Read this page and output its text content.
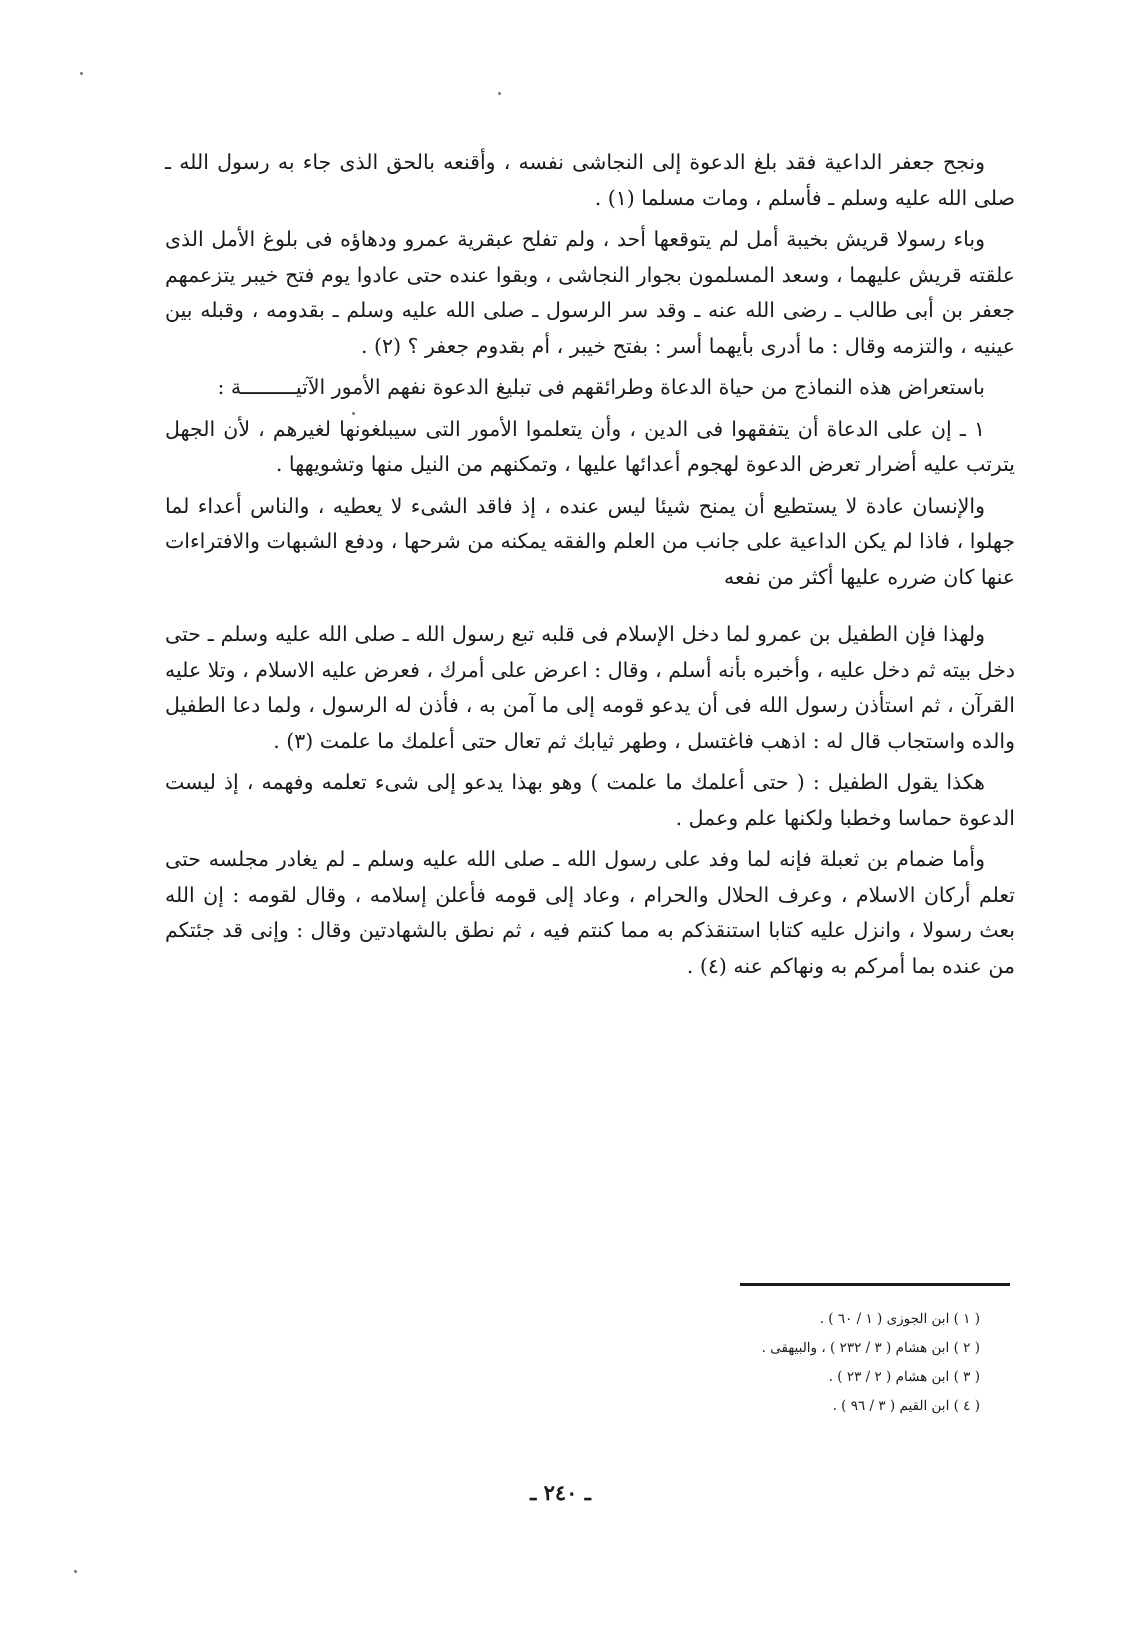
ونجح جعفر الداعية فقد بلغ الدعوة إلى النجاشى نفسه ، وأقنعه بالحق الذى جاء به رسول الله ـ صلى الله عليه وسلم ـ فأسلم ، ومات مسلما (١) .

وباء رسولا قريش بخيبة أمل لم يتوقعها أحد ، ولم تفلح عبقرية عمرو ودهاؤه فى بلوغ الأمل الذى علقته قريش عليهما ، وسعد المسلمون بجوار النجاشى ، وبقوا عنده حتى عادوا يوم فتح خيبر يتزعمهم جعفر بن أبى طالب ـ رضى الله عنه ـ وقد سر الرسول ـ صلى الله عليه وسلم ـ بقدومه ، وقبله بين عينيه ، والتزمه وقال : ما أدرى بأيهما أسر : بفتح خيبر ، أم بقدوم جعفر ؟ (٢) .

باستعراض هذه النماذج من حياة الدعاة وطرائقهم فى تبليغ الدعوة نفهم الأمور الآتيـــــــــة :

١ ـ إن على الدعاة أن يتفقهوا فى الدين ، وأن يتعلموا الأمور التى سيبلغونها لغيرهم ، لأن الجهل يترتب عليه أضرار تعرض الدعوة لهجوم أعدائها عليها ، وتمكنهم من النيل منها وتشويهها .

والإنسان عادة لا يستطيع أن يمنح شيئا ليس عنده ، إذ فاقد الشىء لا يعطيه ، والناس أعداء لما جهلوا ، فاذا لم يكن الداعية على جانب من العلم والفقه يمكنه من شرحها ، ودفع الشبهات والافتراءات عنها كان ضرره عليها أكثر من نفعه

ولهذا فإن الطفيل بن عمرو لما دخل الإسلام فى قلبه تبع رسول الله ـ صلى الله عليه وسلم ـ حتى دخل بيته ثم دخل عليه ، وأخبره بأنه أسلم ، وقال : اعرض على أمرك ، فعرض عليه الاسلام ، وتلا عليه القرآن ، ثم استأذن رسول الله فى أن يدعو قومه إلى ما آمن به ، فأذن له الرسول ، ولما دعا الطفيل والده واستجاب قال له : اذهب فاغتسل ، وطهر ثيابك ثم تعال حتى أعلمك ما علمت (٣) .

هكذا يقول الطفيل : ( حتى أعلمك ما علمت ) وهو بهذا يدعو إلى شىء تعلمه وفهمه ، إذ ليست الدعوة حماسا وخطبا ولكنها علم وعمل .

وأما ضمام بن ثعبلة فإنه لما وفد على رسول الله ـ صلى الله عليه وسلم ـ لم يغادر مجلسه حتى تعلم أركان الاسلام ، وعرف الحلال والحرام ، وعاد إلى قومه فأعلن إسلامه ، وقال لقومه : إن الله بعث رسولا ، وانزل عليه كتابا استنقذكم به مما كنتم فيه ، ثم نطق بالشهادتين وقال : وإنى قد جئتكم من عنده بما أمركم به ونهاكم عنه (٤) .

( ١ ) ابن الجوزى ( ١ / ٦٠ ) .
( ٢ ) ابن هشام ( ٣ / ٢٣٢ ) ، والبيهقى .
( ٣ ) ابن هشام ( ٢ / ٢٣ ) .
( ٤ ) ابن القيم ( ٣ / ٩٦ ) .
ـ ٢٤٠ ـ
